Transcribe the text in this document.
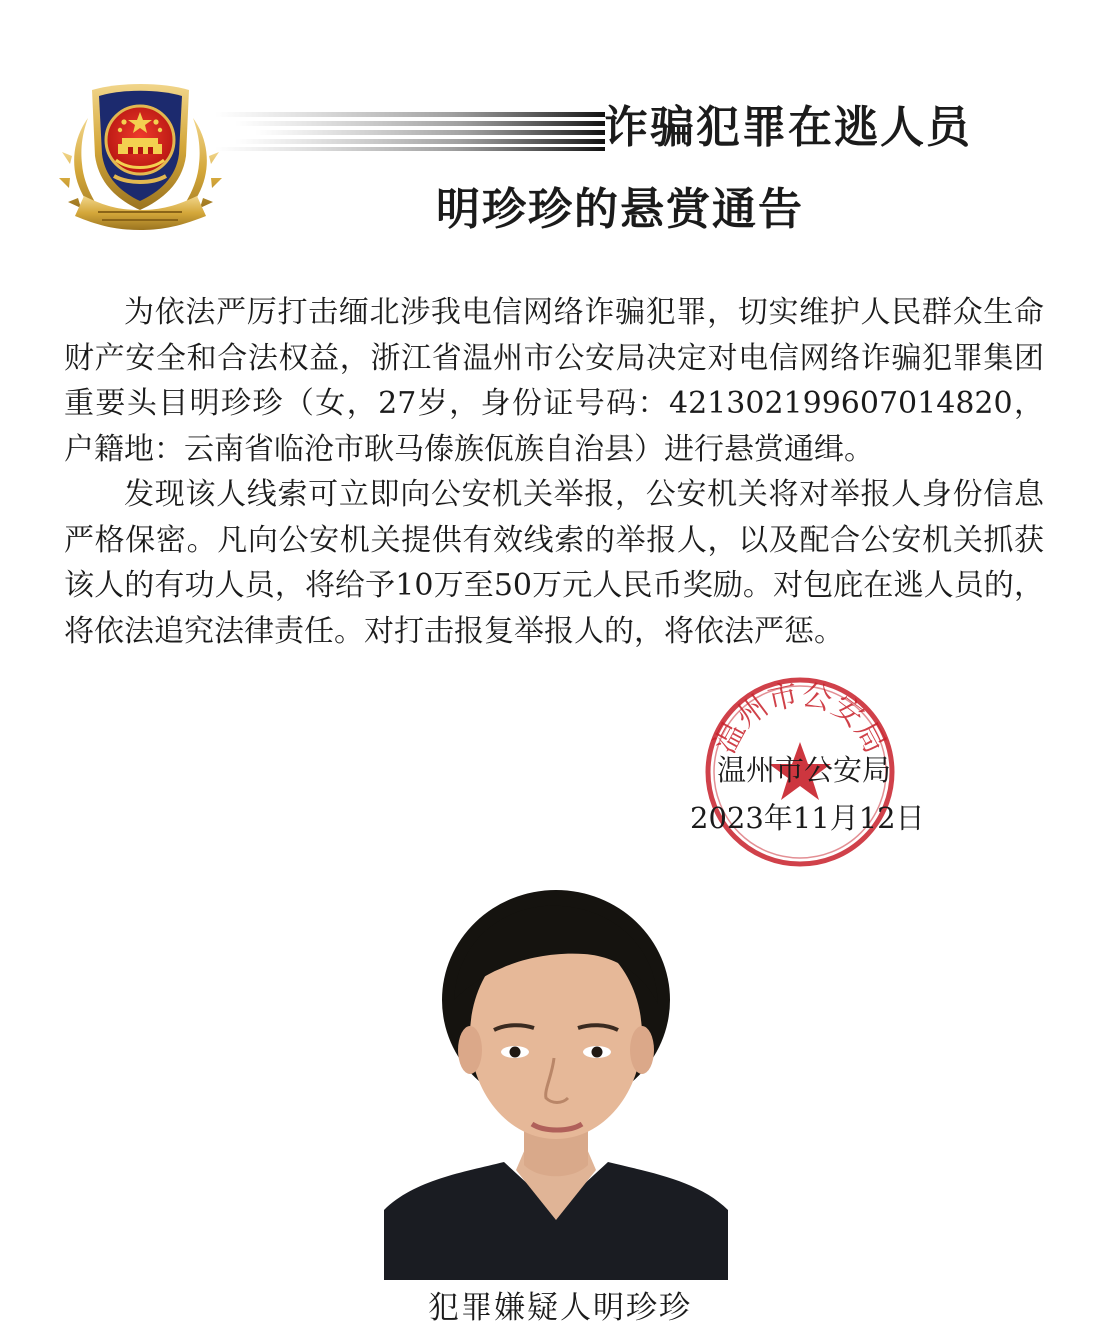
诈骗犯罪在逃人员
明珍珍的悬赏通告

为依法严厉打击缅北涉我电信网络诈骗犯罪，切实维护人民群众生命财产安全和合法权益，浙江省温州市公安局决定对电信网络诈骗犯罪集团重要头目明珍珍（女，27岁，身份证号码：421302199607014820，户籍地：云南省临沧市耿马傣族佤族自治县）进行悬赏通缉。

发现该人线索可立即向公安机关举报，公安机关将对举报人身份信息严格保密。凡向公安机关提供有效线索的举报人，以及配合公安机关抓获该人的有功人员，将给予10万至50万元人民币奖励。对包庇在逃人员的，将依法追究法律责任。对打击报复举报人的，将依法严惩。

温州市公安局
温州市公安局
2023年11月12日
犯罪嫌疑人明珍珍
